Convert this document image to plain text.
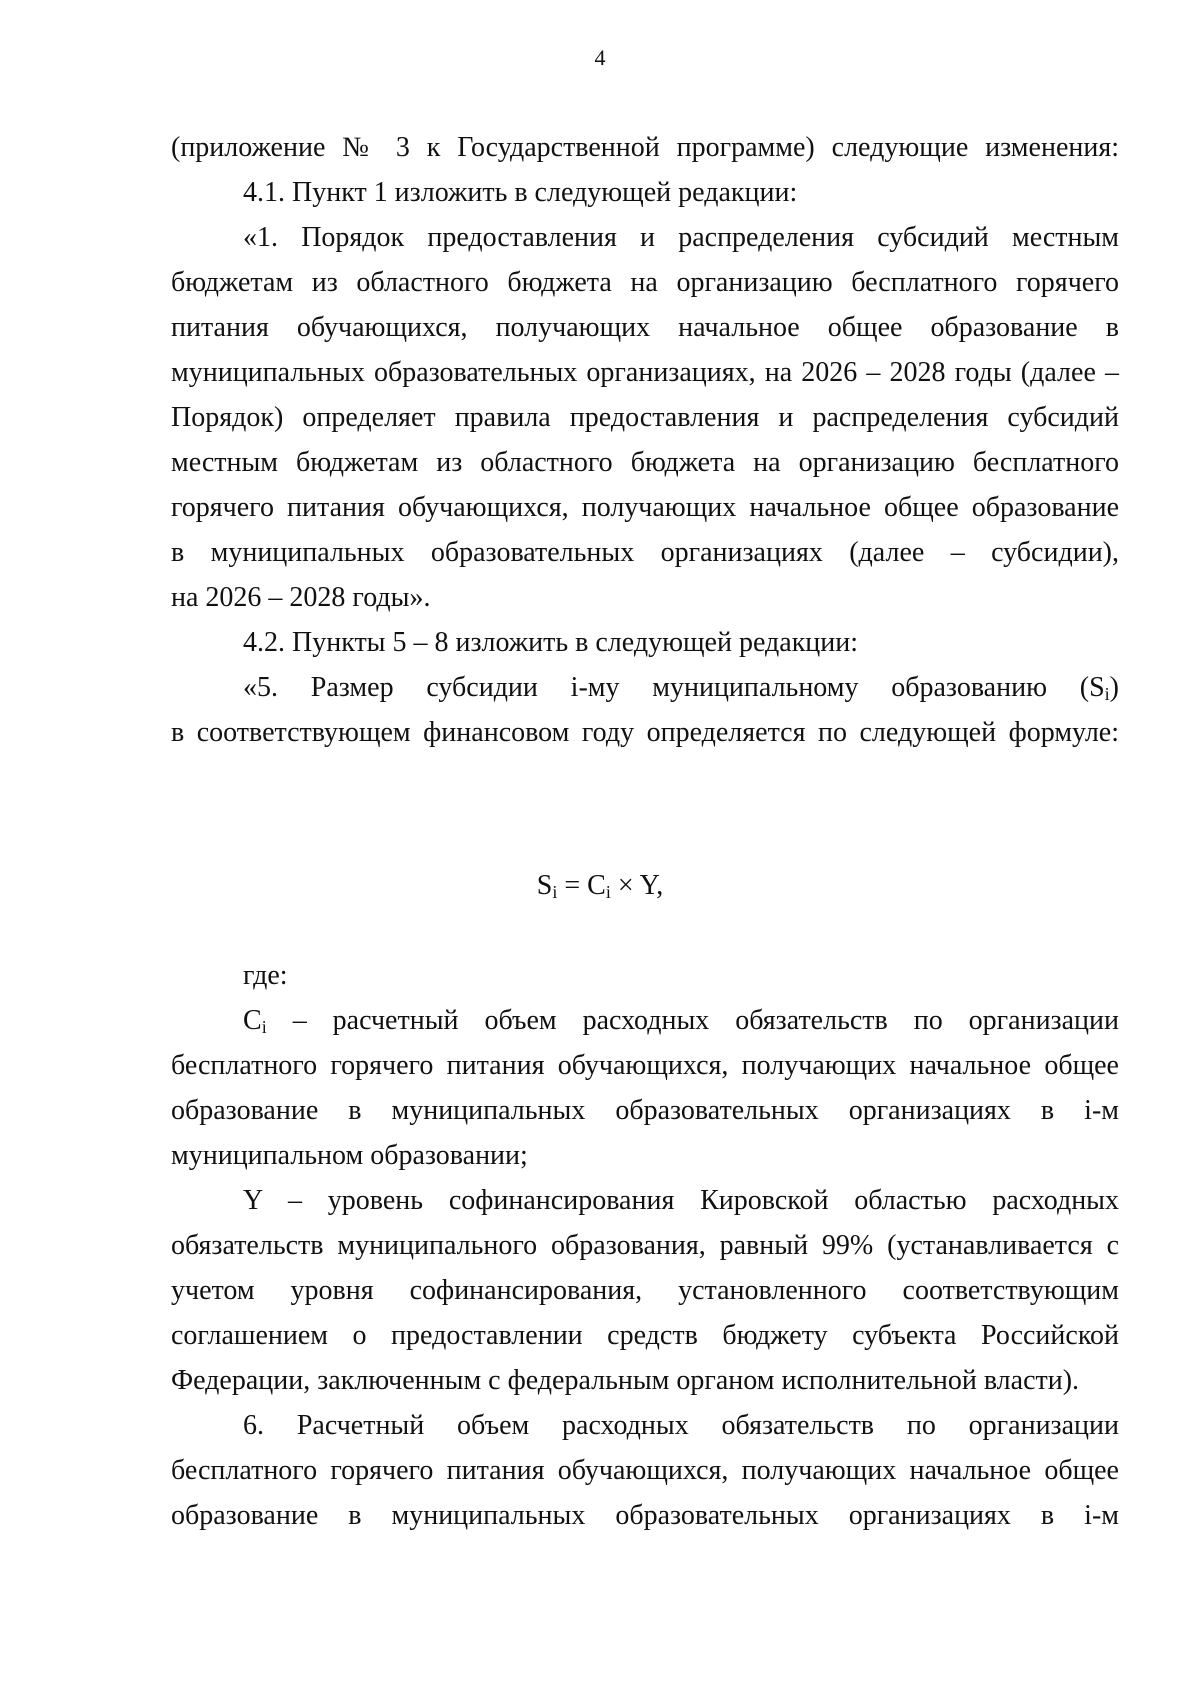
4
(приложение № 3 к Государственной программе) следующие изменения:
4.1. Пункт 1 изложить в следующей редакции:
«1. Порядок предоставления и распределения субсидий местным
бюджетам из областного бюджета на организацию бесплатного горячего
питания обучающихся, получающих начальное общее образование в
муниципальных образовательных организациях, на 2026 – 2028 годы (далее –
Порядок) определяет правила предоставления и распределения субсидий
местным бюджетам из областного бюджета на организацию бесплатного
горячего питания обучающихся, получающих начальное общее образование
в муниципальных образовательных организациях (далее – субсидии),
на 2026 – 2028 годы».
4.2. Пункты 5 – 8 изложить в следующей редакции:
«5. Размер субсидии i-му муниципальному образованию $(S_i)$
в соответствующем финансовом году определяется по следующей формуле:
$S_i = C_i \times Y$,
где:
$C_i$ – расчетный объем расходных обязательств по организации
бесплатного горячего питания обучающихся, получающих начальное общее
образование в муниципальных образовательных организациях в i-м
муниципальном образовании;
Y – уровень софинансирования Кировской областью расходных
обязательств муниципального образования, равный 99% (устанавливается с
учетом уровня софинансирования, установленного соответствующим
соглашением о предоставлении средств бюджету субъекта Российской
Федерации, заключенным с федеральным органом исполнительной власти).
6. Расчетный объем расходных обязательств по организации
бесплатного горячего питания обучающихся, получающих начальное общее
образование в муниципальных образовательных организациях в i-м
